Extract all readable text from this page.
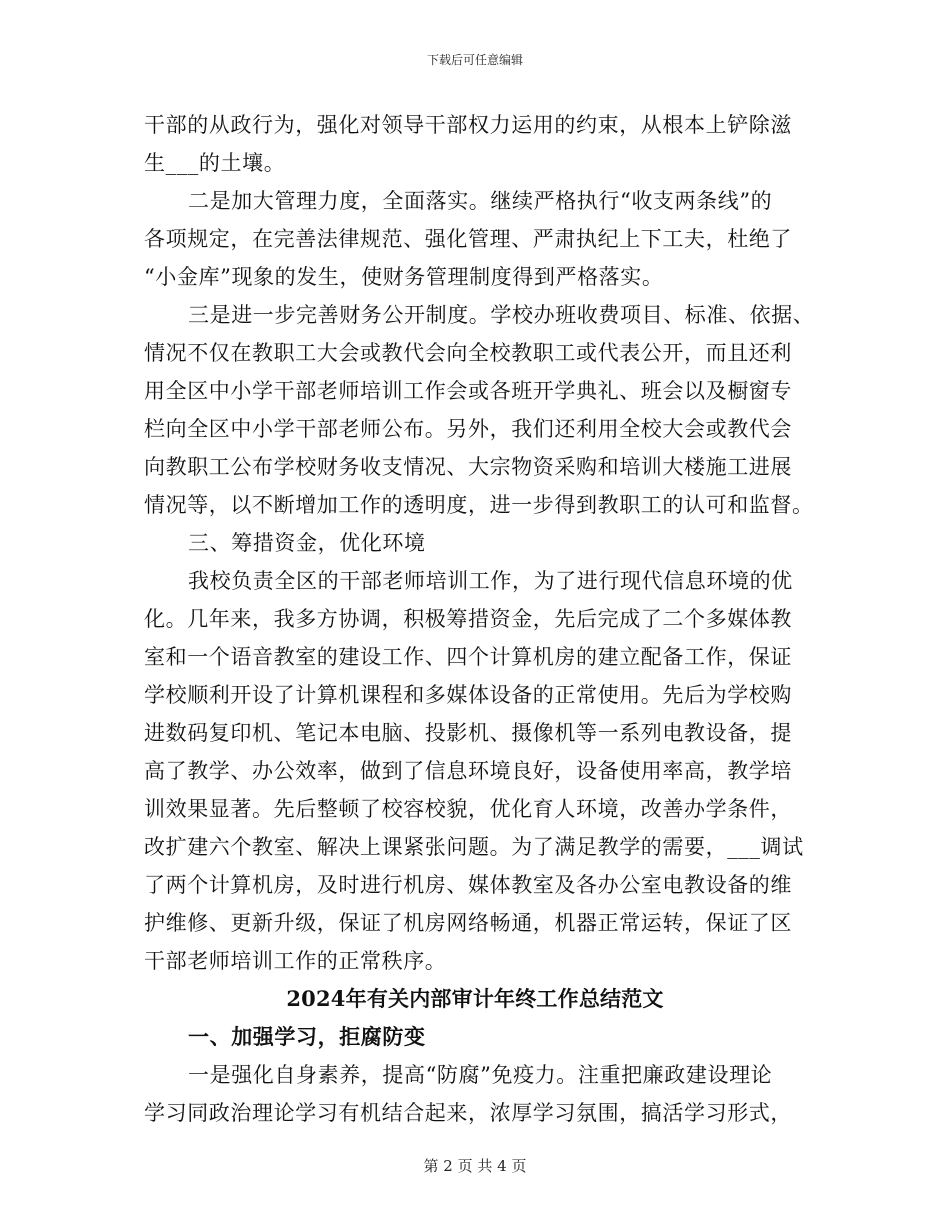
下载后可任意编辑
干部的从政行为，强化对领导干部权力运用的约束，从根本上铲除滋
生___的土壤。
二是加大管理力度，全面落实。继续严格执行“收支两条线”的
各项规定，在完善法律规范、强化管理、严肃执纪上下工夫，杜绝了
“小金库”现象的发生，使财务管理制度得到严格落实。
三是进一步完善财务公开制度。学校办班收费项目、标准、依据、
情况不仅在教职工大会或教代会向全校教职工或代表公开，而且还利
用全区中小学干部老师培训工作会或各班开学典礼、班会以及橱窗专
栏向全区中小学干部老师公布。另外，我们还利用全校大会或教代会
向教职工公布学校财务收支情况、大宗物资采购和培训大楼施工进展
情况等，以不断增加工作的透明度，进一步得到教职工的认可和监督。
三、筹措资金，优化环境
我校负责全区的干部老师培训工作，为了进行现代信息环境的优
化。几年来，我多方协调，积极筹措资金，先后完成了二个多媒体教
室和一个语音教室的建设工作、四个计算机房的建立配备工作，保证
学校顺利开设了计算机课程和多媒体设备的正常使用。先后为学校购
进数码复印机、笔记本电脑、投影机、摄像机等一系列电教设备，提
高了教学、办公效率，做到了信息环境良好，设备使用率高，教学培
训效果显著。先后整顿了校容校貌，优化育人环境，改善办学条件，
改扩建六个教室、解决上课紧张问题。为了满足教学的需要，___调试
了两个计算机房，及时进行机房、媒体教室及各办公室电教设备的维
护维修、更新升级，保证了机房网络畅通，机器正常运转，保证了区
干部老师培训工作的正常秩序。
2024年有关内部审计年终工作总结范文
一、加强学习，拒腐防变
一是强化自身素养，提高“防腐”免疫力。注重把廉政建设理论
学习同政治理论学习有机结合起来，浓厚学习氛围，搞活学习形式，
第 2 页 共 4 页
